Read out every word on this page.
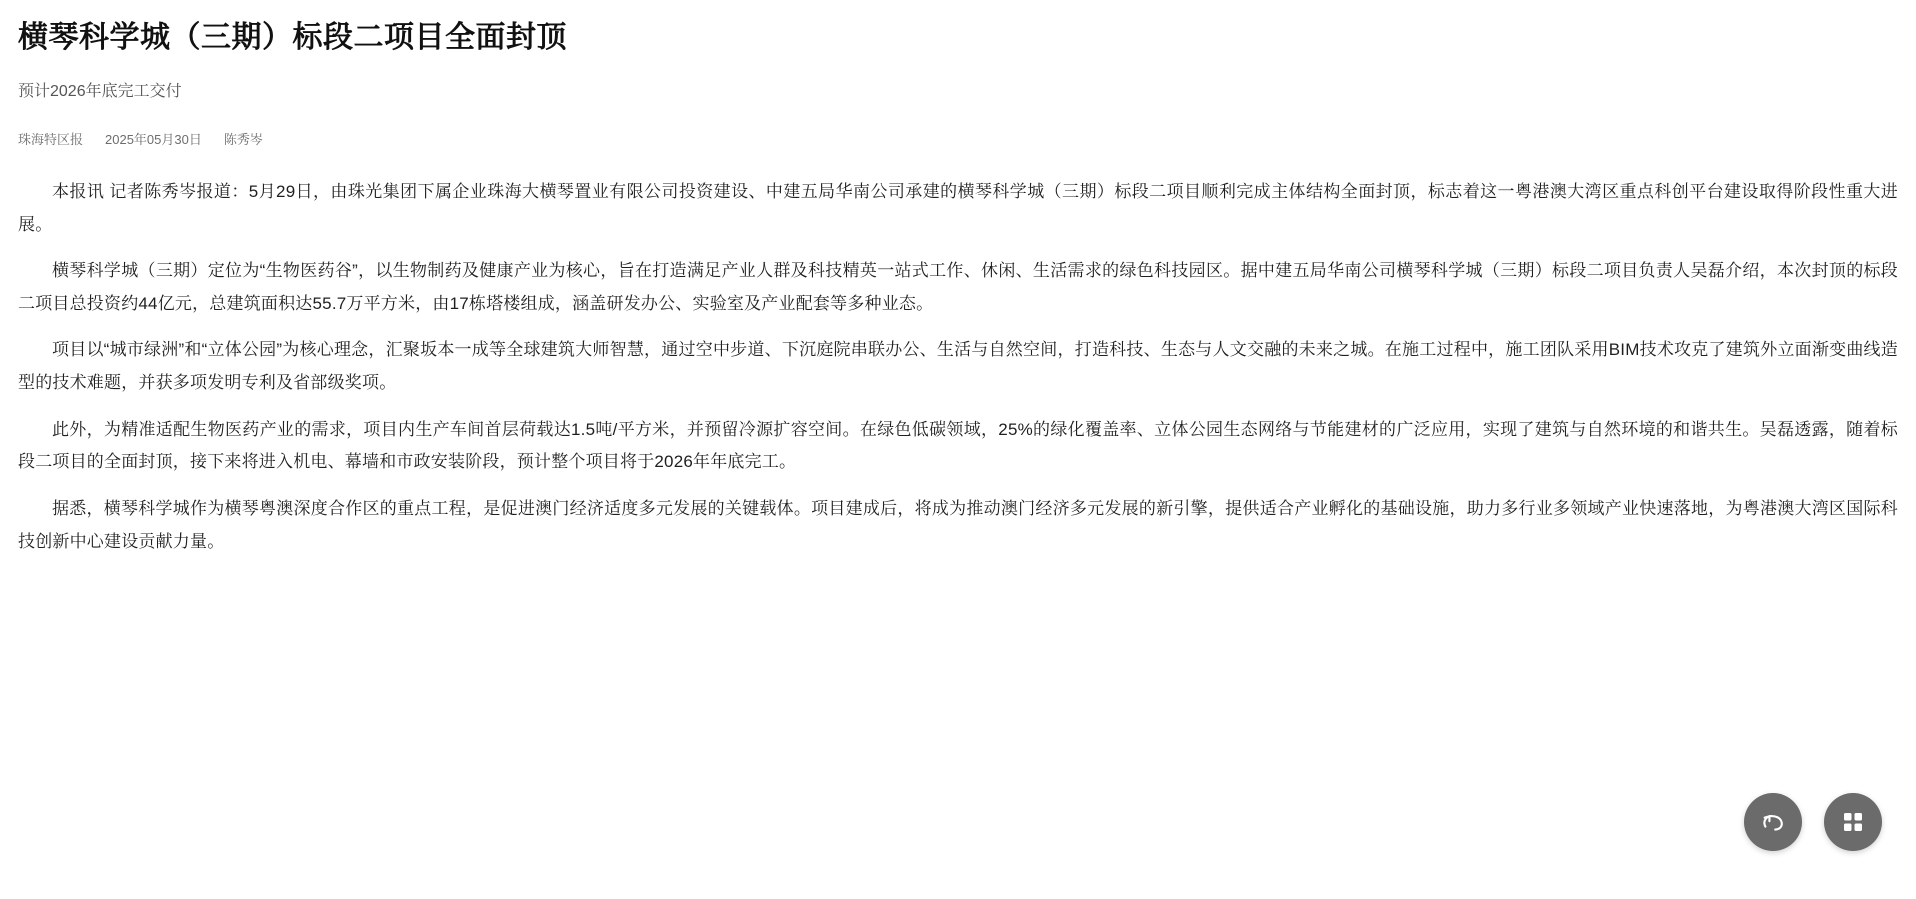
横琴科学城（三期）标段二项目全面封顶
预计2026年底完工交付
珠海特区报 2025年05月30日 陈秀岑

本报讯 记者陈秀岑报道：5月29日，由珠光集团下属企业珠海大横琴置业有限公司投资建设、中建五局华南公司承建的横琴科学城（三期）标段二项目顺利完成主体结构全面封顶，标志着这一粤港澳大湾区重点科创平台建设取得阶段性重大进展。

横琴科学城（三期）定位为“生物医药谷”，以生物制药及健康产业为核心，旨在打造满足产业人群及科技精英一站式工作、休闲、生活需求的绿色科技园区。据中建五局华南公司横琴科学城（三期）标段二项目负责人吴磊介绍，本次封顶的标段二项目总投资约44亿元，总建筑面积达55.7万平方米，由17栋塔楼组成，涵盖研发办公、实验室及产业配套等多种业态。

项目以“城市绿洲”和“立体公园”为核心理念，汇聚坂本一成等全球建筑大师智慧，通过空中步道、下沉庭院串联办公、生活与自然空间，打造科技、生态与人文交融的未来之城。在施工过程中，施工团队采用BIM技术攻克了建筑外立面渐变曲线造型的技术难题，并获多项发明专利及省部级奖项。

此外，为精准适配生物医药产业的需求，项目内生产车间首层荷载达1.5吨/平方米，并预留冷源扩容空间。在绿色低碳领域，25%的绿化覆盖率、立体公园生态网络与节能建材的广泛应用，实现了建筑与自然环境的和谐共生。吴磊透露，随着标段二项目的全面封顶，接下来将进入机电、幕墙和市政安装阶段，预计整个项目将于2026年年底完工。

据悉，横琴科学城作为横琴粤澳深度合作区的重点工程，是促进澳门经济适度多元发展的关键载体。项目建成后，将成为推动澳门经济多元发展的新引擎，提供适合产业孵化的基础设施，助力多行业多领域产业快速落地，为粤港澳大湾区国际科技创新中心建设贡献力量。
